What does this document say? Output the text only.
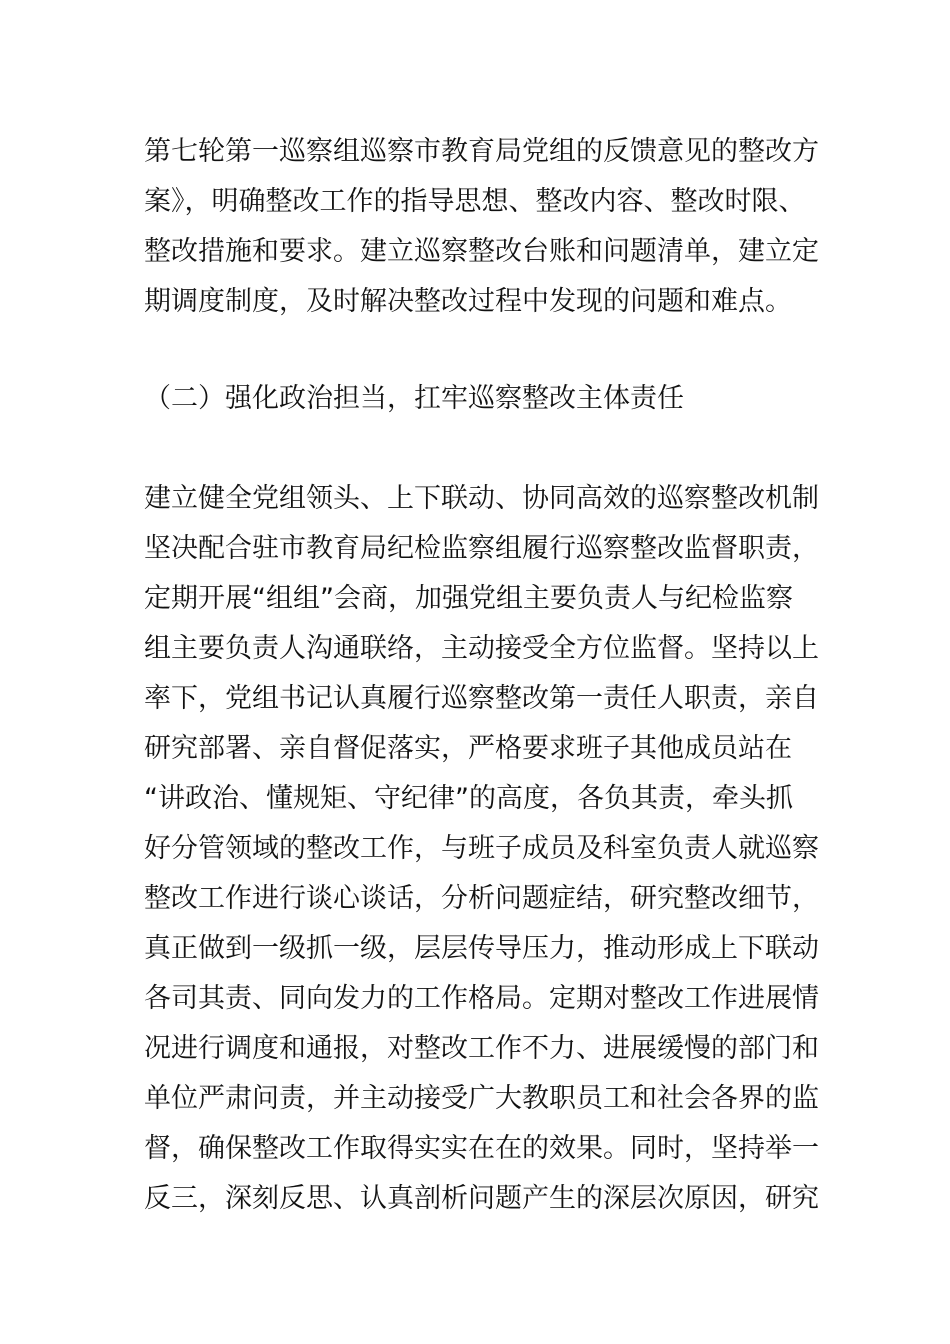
第七轮第一巡察组巡察市教育局党组的反馈意见的整改方
案》，明确整改工作的指导思想、整改内容、整改时限、
整改措施和要求。建立巡察整改台账和问题清单，建立定
期调度制度，及时解决整改过程中发现的问题和难点。
（二）强化政治担当，扛牢巡察整改主体责任
建立健全党组领头、上下联动、协同高效的巡察整改机制
坚决配合驻市教育局纪检监察组履行巡察整改监督职责，
定期开展“组组”会商，加强党组主要负责人与纪检监察
组主要负责人沟通联络，主动接受全方位监督。坚持以上
率下，党组书记认真履行巡察整改第一责任人职责，亲自
研究部署、亲自督促落实，严格要求班子其他成员站在
“讲政治、懂规矩、守纪律”的高度，各负其责，牵头抓
好分管领域的整改工作，与班子成员及科室负责人就巡察
整改工作进行谈心谈话，分析问题症结，研究整改细节，
真正做到一级抓一级，层层传导压力，推动形成上下联动
各司其责、同向发力的工作格局。定期对整改工作进展情
况进行调度和通报，对整改工作不力、进展缓慢的部门和
单位严肃问责，并主动接受广大教职员工和社会各界的监
督，确保整改工作取得实实在在的效果。同时，坚持举一
反三，深刻反思、认真剖析问题产生的深层次原因，研究
